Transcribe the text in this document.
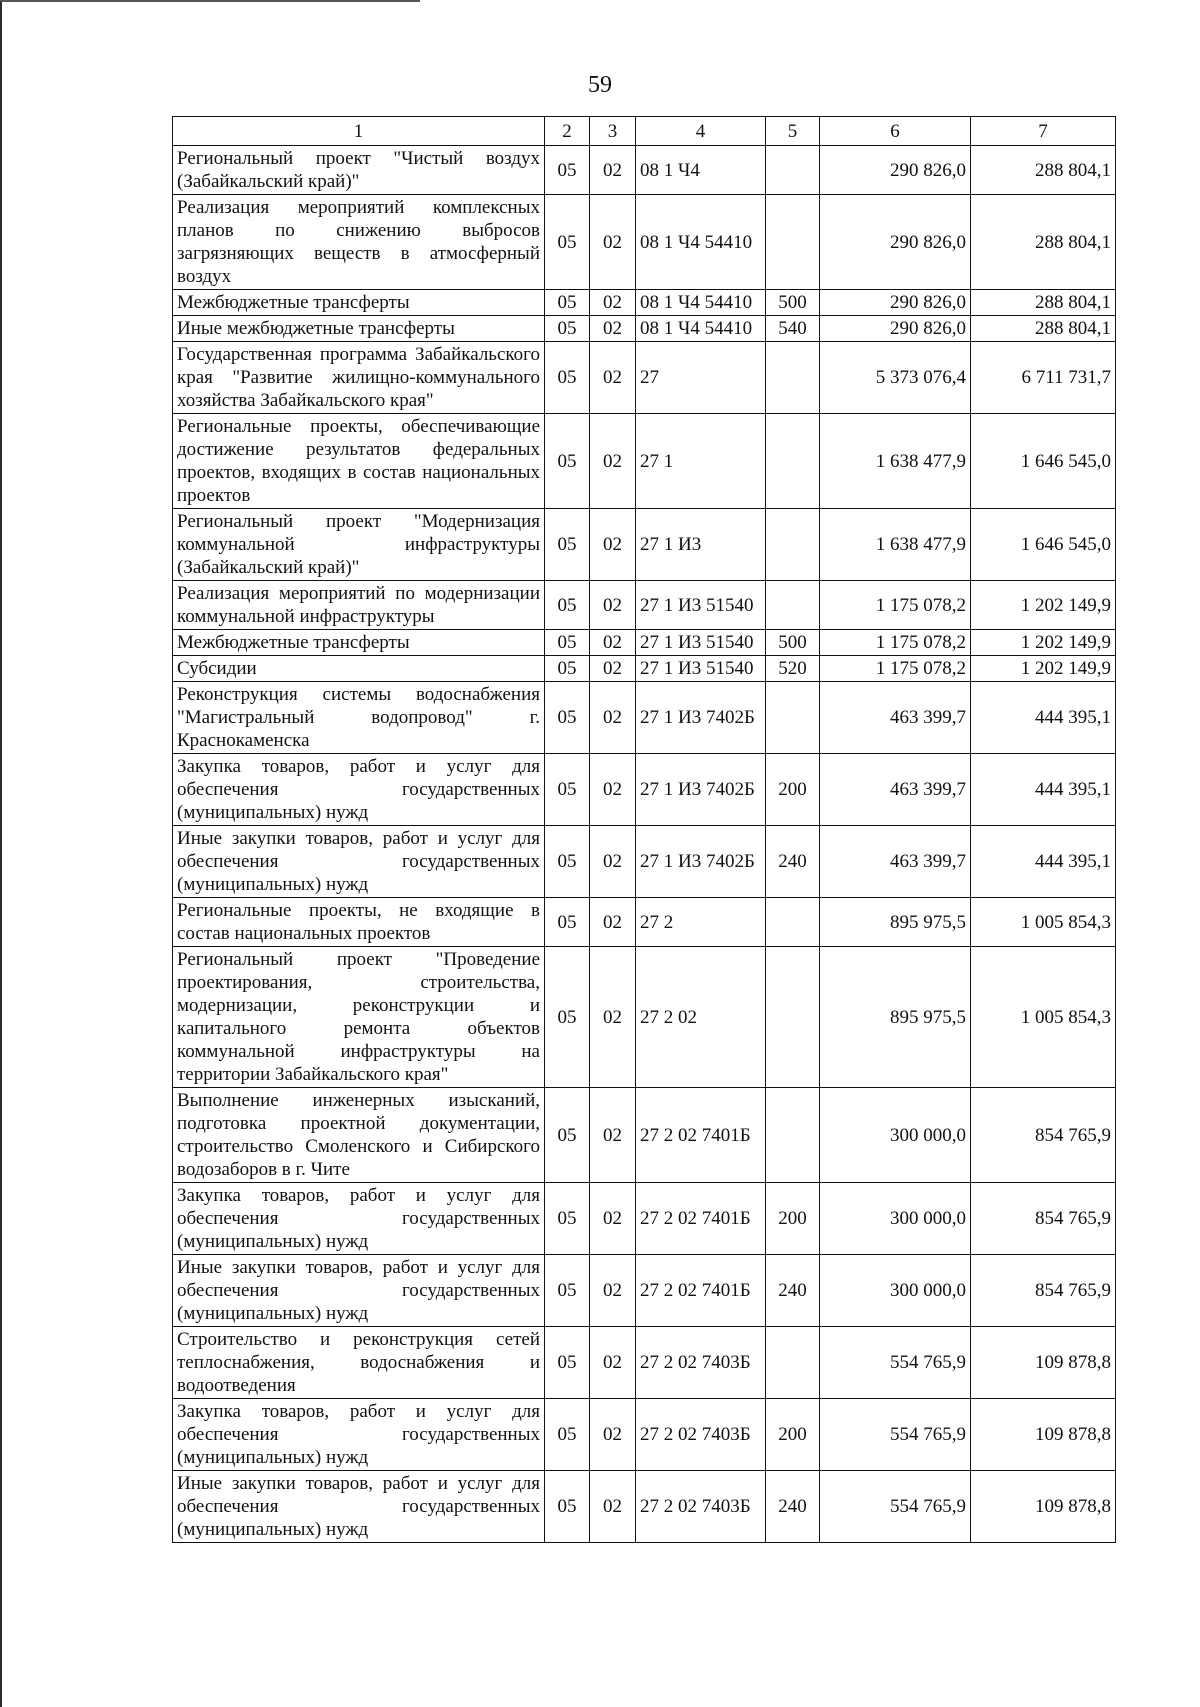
59
1	2	3	4	5	6	7
Региональный проект "Чистый воздух (Забайкальский край)"	05	02	08 1 Ч4		290 826,0	288 804,1
Реализация мероприятий комплексных планов по снижению выбросов загрязняющих веществ в атмосферный воздух	05	02	08 1 Ч4 54410		290 826,0	288 804,1
Межбюджетные трансферты	05	02	08 1 Ч4 54410	500	290 826,0	288 804,1
Иные межбюджетные трансферты	05	02	08 1 Ч4 54410	540	290 826,0	288 804,1
Государственная программа Забайкальского края "Развитие жилищно-коммунального хозяйства Забайкальского края"	05	02	27		5 373 076,4	6 711 731,7
Региональные проекты, обеспечивающие достижение результатов федеральных проектов, входящих в состав национальных проектов	05	02	27 1		1 638 477,9	1 646 545,0
Региональный проект "Модернизация коммунальной инфраструктуры (Забайкальский край)"	05	02	27 1 И3		1 638 477,9	1 646 545,0
Реализация мероприятий по модернизации коммунальной инфраструктуры	05	02	27 1 И3 51540		1 175 078,2	1 202 149,9
Межбюджетные трансферты	05	02	27 1 И3 51540	500	1 175 078,2	1 202 149,9
Субсидии	05	02	27 1 И3 51540	520	1 175 078,2	1 202 149,9
Реконструкция системы водоснабжения "Магистральный водопровод" г. Краснокаменска	05	02	27 1 И3 7402Б		463 399,7	444 395,1
Закупка товаров, работ и услуг для обеспечения государственных (муниципальных) нужд	05	02	27 1 И3 7402Б	200	463 399,7	444 395,1
Иные закупки товаров, работ и услуг для обеспечения государственных (муниципальных) нужд	05	02	27 1 И3 7402Б	240	463 399,7	444 395,1
Региональные проекты, не входящие в состав национальных проектов	05	02	27 2		895 975,5	1 005 854,3
Региональный проект "Проведение проектирования, строительства, модернизации, реконструкции и капитального ремонта объектов коммунальной инфраструктуры на территории Забайкальского края"	05	02	27 2 02		895 975,5	1 005 854,3
Выполнение инженерных изысканий, подготовка проектной документации, строительство Смоленского и Сибирского водозаборов в г. Чите	05	02	27 2 02 7401Б		300 000,0	854 765,9
Закупка товаров, работ и услуг для обеспечения государственных (муниципальных) нужд	05	02	27 2 02 7401Б	200	300 000,0	854 765,9
Иные закупки товаров, работ и услуг для обеспечения государственных (муниципальных) нужд	05	02	27 2 02 7401Б	240	300 000,0	854 765,9
Строительство и реконструкция сетей теплоснабжения, водоснабжения и водоотведения	05	02	27 2 02 7403Б		554 765,9	109 878,8
Закупка товаров, работ и услуг для обеспечения государственных (муниципальных) нужд	05	02	27 2 02 7403Б	200	554 765,9	109 878,8
Иные закупки товаров, работ и услуг для обеспечения государственных (муниципальных) нужд	05	02	27 2 02 7403Б	240	554 765,9	109 878,8
